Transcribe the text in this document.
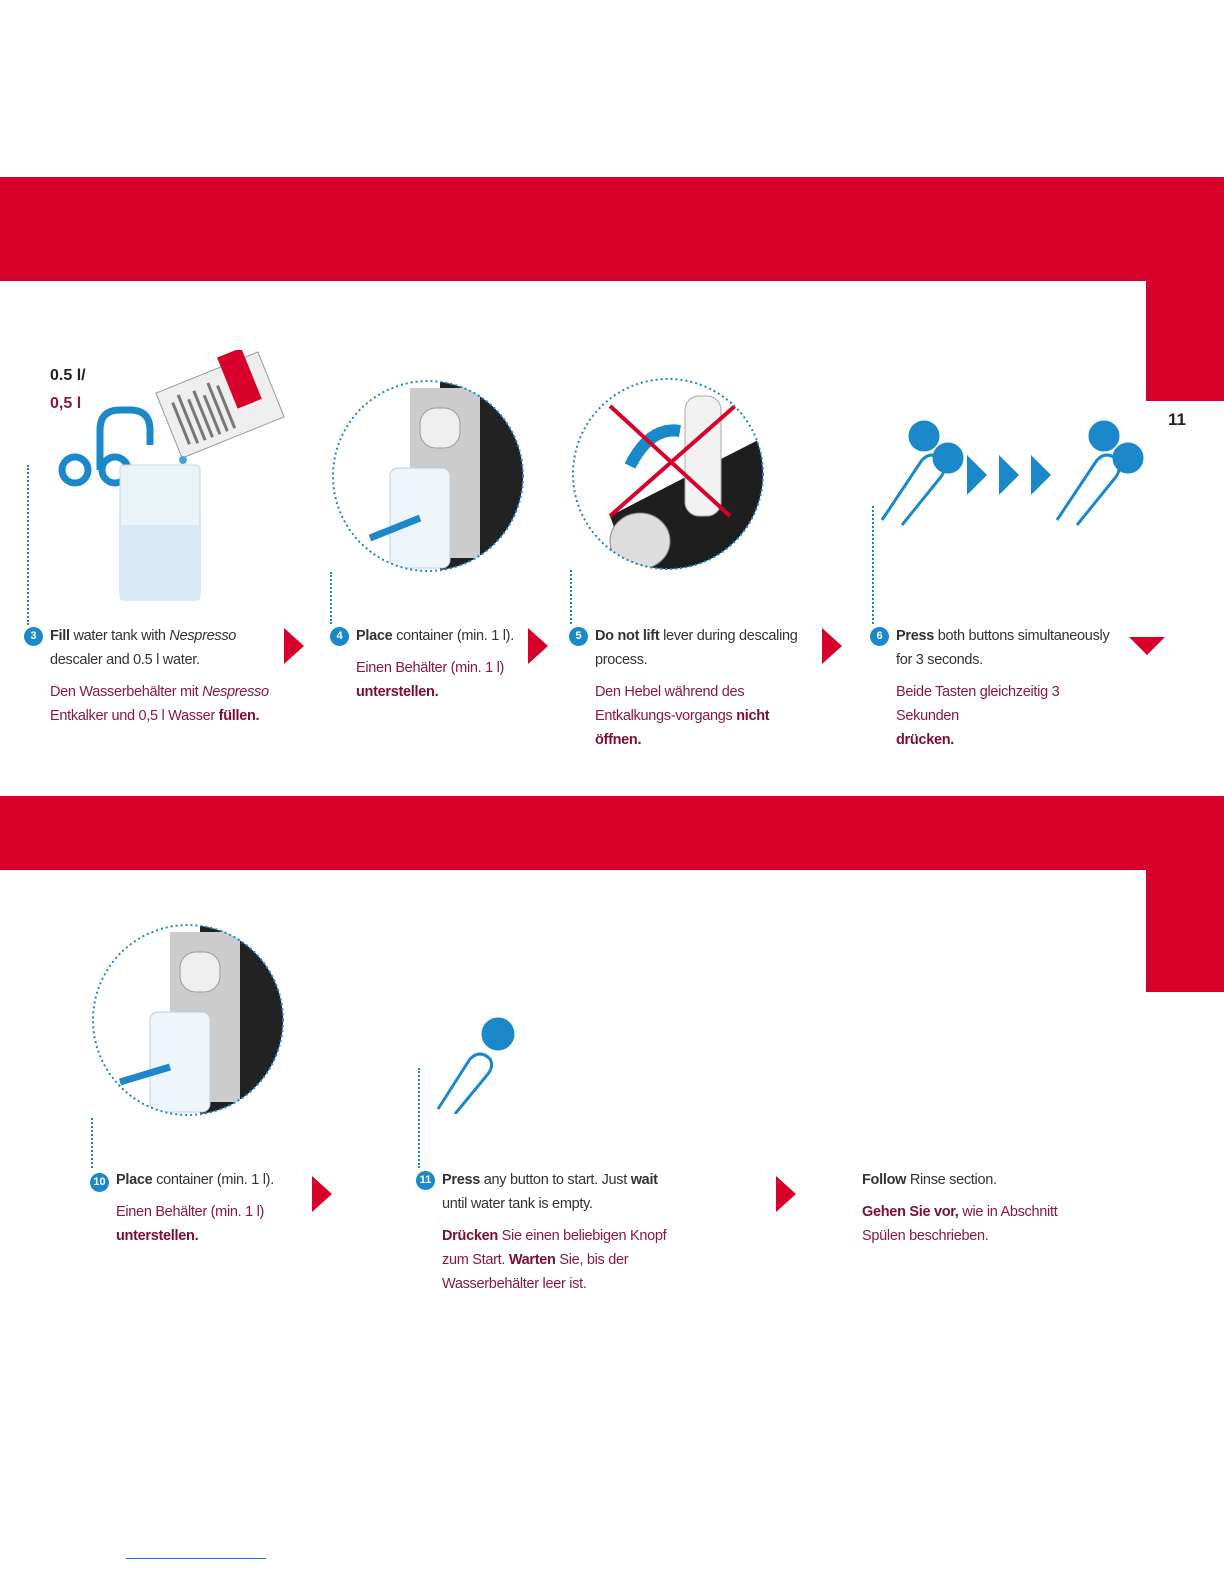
11
0.5 l/
0,5 l
3 Fill water tank with Nespresso descaler and 0.5 l water.
Den Wasserbehälter mit Nespresso Entkalker und 0,5 l Wasser füllen.
4 Place container (min. 1 l).
Einen Behälter (min. 1 l)
unterstellen.
5 Do not lift lever during descaling process.
Den Hebel während des Entkalkungs-vorgangs nicht öffnen.
6 Press both buttons simultaneously for 3 seconds.
Beide Tasten gleichzeitig 3 Sekunden
drücken.
10 Place container (min. 1 l).
Einen Behälter (min. 1 l)
unterstellen.
11 Press any button to start. Just wait until water tank is empty.
Drücken Sie einen beliebigen Knopf zum Start. Warten Sie, bis der Wasserbehälter leer ist.
Follow Rinse section.
Gehen Sie vor, wie in Abschnitt Spülen beschrieben.
